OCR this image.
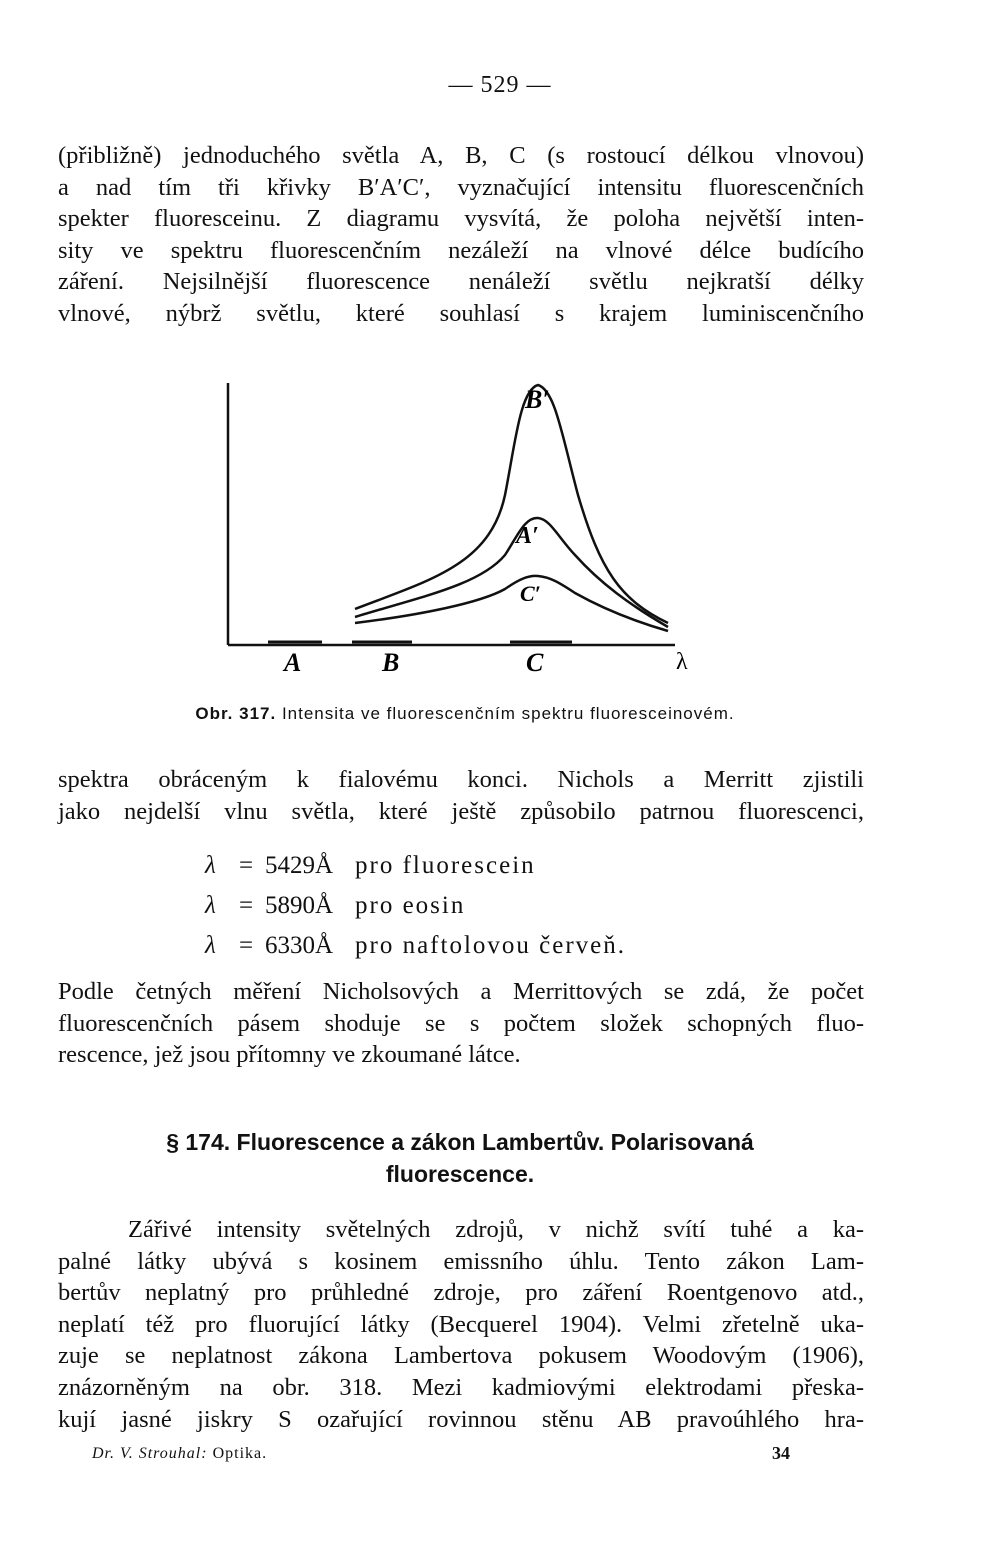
— 529 —

(přibližně) jednoduchého světla A, B, C (s rostoucí délkou vlnovou)
a nad tím tři křivky B′A′C′, vyznačující intensitu fluorescenčních
spekter fluoresceinu. Z diagramu vysvítá, že poloha největší inten-
sity ve spektru fluorescenčním nezáleží na vlnové délce budícího
záření. Nejsilnější fluorescence nenáleží světlu nejkratší délky
vlnové, nýbrž světlu, které souhlasí s krajem luminiscenčního

B′
A′
C′
A	B	C	λ
Obr. 317. Intensita ve fluorescenčním spektru fluoresceinovém.

spektra obráceným k fialovému konci. Nichols a Merritt zjistili
jako nejdelší vlnu světla, které ještě způsobilo patrnou fluorescenci,

λ = 5429Å pro fluorescein
λ = 5890Å pro eosin
λ = 6330Å pro naftolovou červeň.

Podle četných měření Nicholsových a Merrittových se zdá, že počet
fluorescenčních pásem shoduje se s počtem složek schopných fluo-
rescence, jež jsou přítomny ve zkoumané látce.

§ 174. Fluorescence a zákon Lambertův. Polarisovaná
fluorescence.

Zářivé intensity světelných zdrojů, v nichž svítí tuhé a ka-
palné látky ubývá s kosinem emissního úhlu. Tento zákon Lam-
bertův neplatný pro průhledné zdroje, pro záření Roentgenovo atd.,
neplatí též pro fluorující látky (Becquerel 1904). Velmi zřetelně uka-
zuje se neplatnost zákona Lambertova pokusem Woodovým (1906),
znázorněným na obr. 318. Mezi kadmiovými elektrodami přeska-
kují jasné jiskry S ozařující rovinnou stěnu AB pravoúhlého hra-

Dr. V. Strouhal: Optika.	34
